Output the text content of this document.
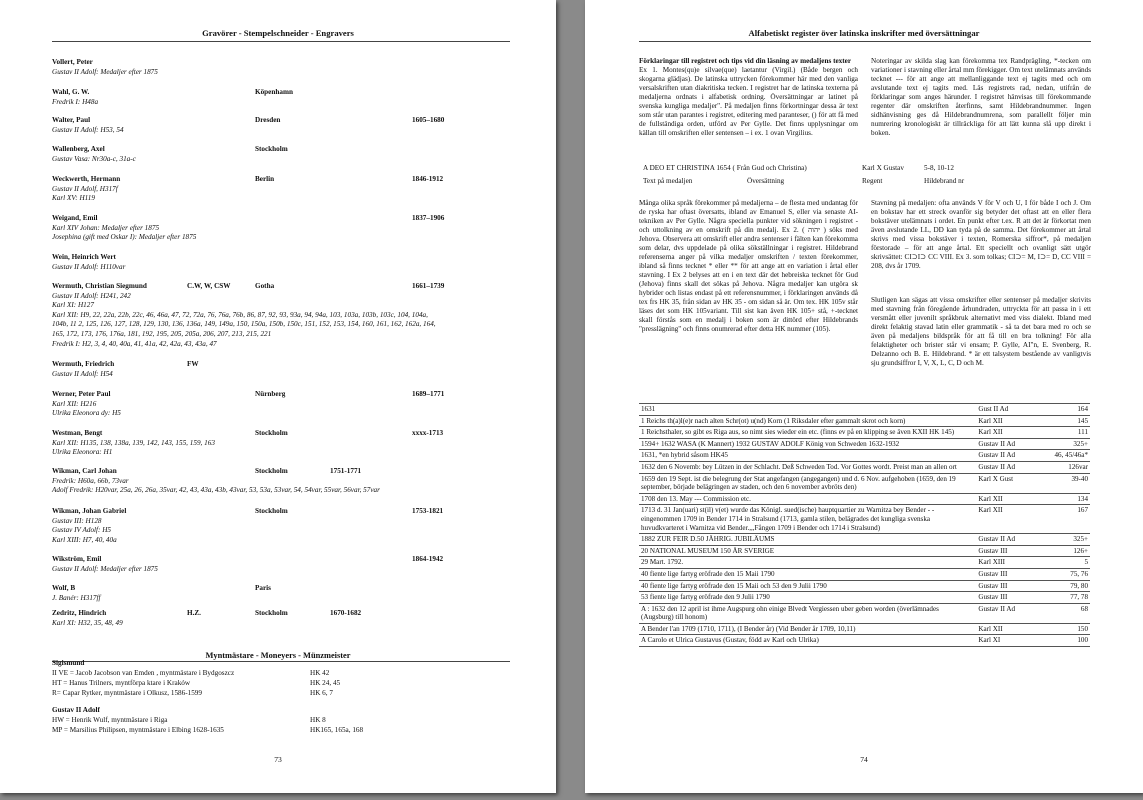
Gravörer - Stempelschneider - Engravers
Vollert, Peter
Gustav II Adolf: Medaljer efter 1875
Wahl, G. W.	Köpenhamn
Fredrik I: H48a
Walter, Paul	Dresden	1605–1680
Gustav II Adolf: H53, 54
Wallenberg, Axel	Stockholm
Gustav Vasa: Nr30a-c, 31a-c
Weckwerth, Hermann	Berlin	1846-1912
Gustav II Adolf, H317f
Karl XV: H119
Weigand, Emil	1837–1906
Karl XIV Johan: Medaljer efter 1875
Josephina (gift med Oskar I): Medaljer efter 1875
Wein, Heinrich Wert
Gustav II Adolf: H110var
Wermuth, Christian Siegmund	C.W, W, CSW	Gotha	1661–1739
Gustav II Adolf: H241, 242
Karl XI: H127
Karl XII: H9, 22, 22a, 22b, 22c, 46, 46a, 47, 72, 72a, 76, 76a, 76b, 86, 87, 92, 93, 93a, 94, 94a, 103, 103a, 103b, 103c, 104, 104a,
104b, 11 2, 125, 126, 127, 128, 129, 130, 136, 136a, 149, 149a, 150, 150a, 150b, 150c, 151, 152, 153, 154, 160, 161, 162, 162a, 164,
165, 172, 173, 176, 176a, 181, 192, 195, 205, 205a, 206, 207, 213, 215, 221
Fredrik I: H2, 3, 4, 40, 40a, 41, 41a, 42, 42a, 43, 43a, 47
Wermuth, Friedrich	FW
Gustav II Adolf: H54
Werner, Peter Paul	Nürnberg	1689–1771
Karl XII: H216
Ulrika Eleonora dy: H5
Westman, Bengt	Stockholm	xxxx-1713
Karl XII: H135, 138, 138a, 139, 142, 143, 155, 159, 163
Ulrika Eleonora: H1
Wikman, Carl Johan	Stockholm	1751-1771
Fredrik: H60a, 66b, 73var
Adolf Fredrik: H20var, 25a, 26, 26a, 35var, 42, 43, 43a, 43b, 43var, 53, 53a, 53var, 54, 54var, 55var, 56var, 57var
Wikman, Johan Gabriel	Stockholm	1753-1821
Gustav III: H128
Gustav IV Adolf: H5
Karl XIII: H7, 40, 40a
Wikström, Emil	1864-1942
Gustav II Adolf: Medaljer efter 1875
Wolf, B	Paris
J. Banér: H317ff
Zedritz, Hindrich	H.Z.	Stockholm	1670-1682
Karl XI: H32, 35, 48, 49
Myntmästare - Moneyers - Münzmeister
Sigismund
II VE = Jacob Jacobson van Emden , myntmästare i Bydgoszcz	HK 42
HT = Hanus Trilners, myntförpa ktare i Kraków	HK 24, 45
R= Capar Rytker, myntmästare i Olkusz, 1586-1599	HK 6, 7
Gustav II Adolf
HW = Henrik Wulf, myntmästare i Riga	HK 8
MP = Marsilius Philipsen, myntmästare i Elbing 1628-1635	HK165, 165a, 168
73
Alfabetiskt register över latinska inskrifter med översättningar
Förklaringar till registret och tips vid din läsning av medaljens texter
Ex 1. Montes(qu)e silvae(que) laetantur (Virgil.) (Både bergen och skogarna glädjas). De latinska uttrycken förekommer här med den vanliga versalskriften utan diakritiska tecken. I registret har de latinska texterna på medaljerna ordnats i alfabetisk ordning. Översättningar ar latinet på svenska kungliga medaljer". På medaljen finns förkortningar dessa är text som står utan parantes i registret, editering med paranteser, () för att få med de fullständiga orden, utförd av Per Gylle. Det finns upplysningar om källan till omskriften eller sentensen – i ex. 1 ovan Virgilius.
Noteringar av skilda slag kan förekomma tex Randprägling, *-tecken om variationer i stavning eller årtal mm förekigger. Om text utelämnats används tecknet --- för att ange att mellanliggande text ej tagits med och om avslutande text ej tagits med. Läs registrets rad, nedan, utifrån de förklaringar som anges härunder. I registret hänvisas till förekommande regenter där omskriften återfinns, samt Hildebrandnummer. Ingen sidhänvisning ges då Hildebrandnumrena, som parallellt följer min numrering kronologiskt är tillräckliga för att lätt kunna slå upp direkt i boken.
A DEO ET CHRISTINA 1654 ( Från Gud och Christina)	Karl X Gustav	5-8, 10-12
Text på medaljen	Översättning	Regent	Hildebrand nr
Många olika språk förekommer på medaljerna – de flesta med undantag för de ryska har oftast översatts, ibland av Emanuel S, eller via senaste AI-tekniken av Per Gylle. Några speciella punkter vid sökningen i registret - och uttolkning av en omskrift på din medalj. Ex 2. ( יהוה ) söks med Jehova. Observera att omskrift eller andra sentenser i fälten kan förekomma som delar, dvs uppdelade på olika sökställningar i registret. Hildebrand referenserna anger på vilka medaljer omskriften / texten förekommer, ibland så finns tecknet * eller ** för att ange att en variation i årtal eller stavning. I Ex 2 belyses att en i en text där det hebreiska tecknet för Gud (Jehova) finns skall det sökas på Jehova. Några medaljer kan utgöra sk hybrider och listas endast på ett referensnummer, i förklaringen används då tex frs HK 35, från sidan av HK 35 - om sidan så är. Om tex. HK 105v står läses det som HK 105variant. Till sist kan även HK 105+ stå, +-tecknet skall förstås som en medalj i boken som är dittörd efter Hildebrands "presslägning" och finns onumrerad efter detta HK nummer (105).
Stavning på medaljen: ofta används V för V och U, I för både I och J. Om en bokstav har ett streck ovanför sig betyder det oftast att en eller flera bokstäver utelämnats i ordet. En punkt efter t.ex. R att det är förkortat men även avslutande LL, DD kan tyda på de samma. Det förekommer att årtal skrivs med vissa bokstäver i texten, Romerska siffror*, på medaljen förstorade – för att ange årtal. Ett speciellt och ovanligt sätt utgör skrivsättet: CI⊃I⊃ CC VIII. Ex 3. som tolkas; CI⊃= M, I⊃= D, CC VIII = 208, dvs år 1709.
Slutligen kan sägas att vissa omskrifter eller sentenser på medaljer skrivits med stavning från föregående århundraden, uttryckta för att passa in i ett versmått eller juvenilt språkbruk alternativt med viss dialekt. Ibland med direkt felaktig stavad latin eller grammatik - så ta det bara med ro och se även på medaljens bildspråk för att få till en bra tolkning! För alla felaktigheter och brister står vi ensam; P. Gylle, AI"n, E. Svenberg, R. Delzanno och B. E. Hildebrand. * är ett talsystem bestående av vanligtvis sju grundsiffror I, V, X, L, C, D och M.
1631	Gust II Ad	164
1 Reichs th(a)l(e)r nach alten Schr(ot) u(nd) Korn (1 Riksdaler efter gammalt skrot och korn)	Karl XII	145
1 Reichsthaler, so gibt es Riga aus, so nimt sies wieder ein etc. (finns ev på en klipping se även KXII HK 145)	Karl XII	111
1594+ 1632 WASA (K Mannert) 1932 GUSTAV ADOLF König von Schweden 1632-1932	Gustav II Ad	325+
1631, *en hybrid såsom HK45	Gustav II Ad	46, 45/46a*
1632 den 6 Novemb: bey Lützen in der Schlacht. Deß Schweden Tod. Vor Gottes wordt. Preist man an allen ort	Gustav II Ad	126var
1659 den 19 Sept. ist die belegrung der Stat angefangen (angegangen) und d. 6 Nov. aufgehoben (1659, den 19 september, började belägringen av staden, och den 6 november avbröts den)	Karl X Gust	39-40
1708 den 13. May --- Commission etc.	Karl XII	134
1713 d. 31 Jan(uari) st(il) v(et) wurde das Königl. sued(ische) hauptquartier zu Warnitza bey Bender - - eingenommen 1709 in Bender 1714 in Stralsund (1713, gamla stilen, belägrades det kungliga svenska huvudkvarteret i Warnitza vid Bender.,,,Fången 1709 i Bender och 1714 i Stralsund)	Karl XII	167
1882 ZUR FEIR D.50 JÄHRIG. JUBILÄUMS	Gustav II Ad	325+
20 NATIONAL MUSEUM 150 ÅR SVERIGE	Gustav III	126+
29 Mart. 1792.	Karl XIII	5
40 fiente lige fartyg eröfrade den 15 Maii 1790	Gustav III	75, 76
40 fiente lige fartyg eröfrade den 15 Maii och 53 den 9 Julii 1790	Gustav III	79, 80
53 fiente lige fartyg eröfrade den 9 Julii 1790	Gustav III	77, 78
A : 1632 den 12 april ist ihme Augspurg ohn einige Blvedt Vergiessen uber geben worden (överlämnades (Augsburg) till honom)	Gustav II Ad	68
A Bender l'an 1709 (1710, 1711), (I Bender år) (Vid Bender år 1709, 10,11)	Karl XII	150
A Carolo et Ulrica Gustavus (Gustav, född av Karl och Ulrika)	Karl XI	100
74
